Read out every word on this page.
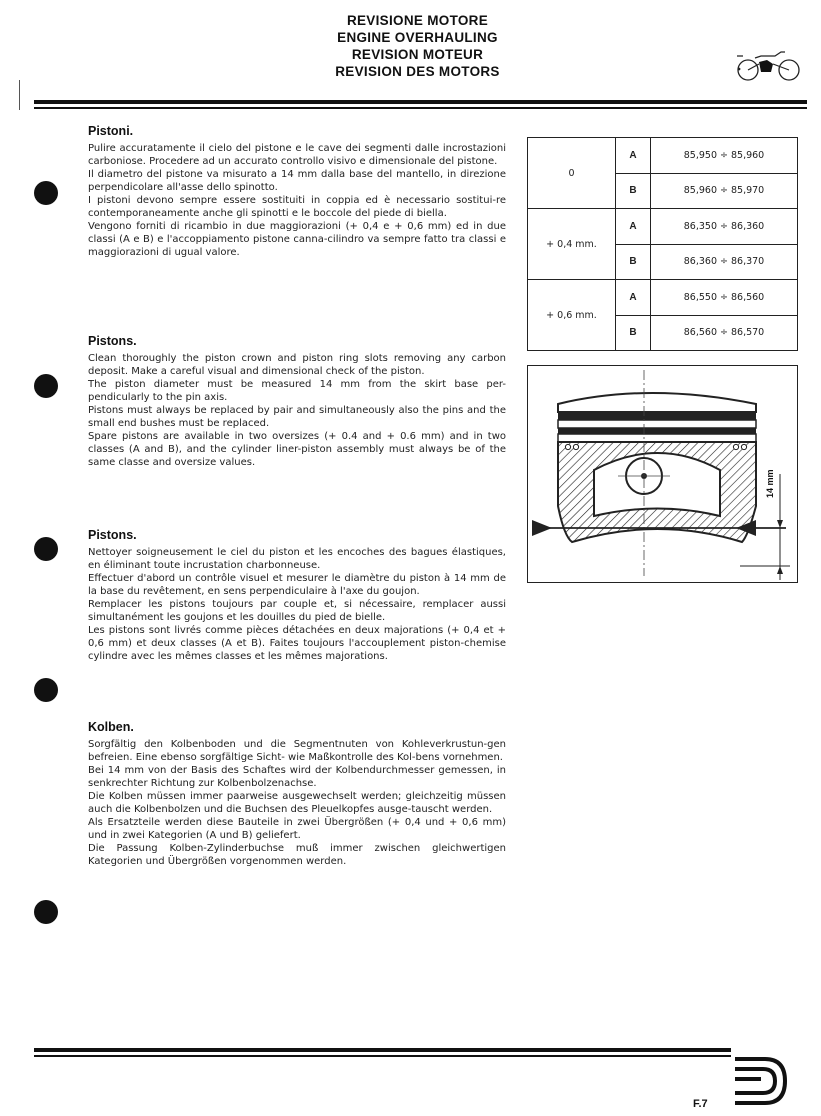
REVISIONE MOTORE
ENGINE OVERHAULING
REVISION MOTEUR
REVISION DES MOTORS
Pistoni.

Pulire accuratamente il cielo del pistone e le cave dei segmenti dalle incrostazioni carboniose. Procedere ad un accurato controllo visivo e dimensionale del pistone.
Il diametro del pistone va misurato a 14 mm dalla base del mantello, in direzione perpendicolare all'asse dello spinotto.
I pistoni devono sempre essere sostituiti in coppia ed è necessario sostitui-re contemporaneamente anche gli spinotti e le boccole del piede di biella.
Vengono forniti di ricambio in due maggiorazioni (+ 0,4 e + 0,6 mm) ed in due classi (A e B) e l'accoppiamento pistone canna-cilindro va sempre fatto tra classi e maggiorazioni di ugual valore.

Pistons.

Clean thoroughly the piston crown and piston ring slots removing any carbon deposit. Make a careful visual and dimensional check of the piston.
The piston diameter must be measured 14 mm from the skirt base per-pendicularly to the pin axis.
Pistons must always be replaced by pair and simultaneously also the pins and the small end bushes must be replaced.
Spare pistons are available in two oversizes (+ 0.4 and + 0.6 mm) and in two classes (A and B), and the cylinder liner-piston assembly must always be of the same classe and oversize values.

Pistons.

Nettoyer soigneusement le ciel du piston et les encoches des bagues élastiques, en éliminant toute incrustation charbonneuse.
Effectuer d'abord un contrôle visuel et mesurer le diamètre du piston à 14 mm de la base du revêtement, en sens perpendiculaire à l'axe du goujon.
Remplacer les pistons toujours par couple et, si nécessaire, remplacer aussi simultanément les goujons et les douilles du pied de bielle.
Les pistons sont livrés comme pièces détachées en deux majorations (+ 0,4 et + 0,6 mm) et deux classes (A et B). Faites toujours l'accouplement piston-chemise cylindre avec les mêmes classes et les mêmes majorations.

Kolben.

Sorgfältig den Kolbenboden und die Segmentnuten von Kohleverkrustun-gen befreien. Eine ebenso sorgfältige Sicht- wie Maßkontrolle des Kol-bens vornehmen.
Bei 14 mm von der Basis des Schaftes wird der Kolbendurchmesser gemessen, in senkrechter Richtung zur Kolbenbolzenachse.
Die Kolben müssen immer paarweise ausgewechselt werden; gleichzeitig müssen auch die Kolbenbolzen und die Buchsen des Pleuelkopfes ausge-tauscht werden.
Als Ersatzteile werden diese Bauteile in zwei Übergrößen (+ 0,4 und + 0,6 mm) und in zwei Kategorien (A und B) geliefert.
Die Passung Kolben-Zylinderbuchse muß immer zwischen gleichwertigen Kategorien und Übergrößen vorgenommen werden.

0	A	85,950 ÷ 85,960
	B	85,960 ÷ 85,970
+ 0,4 mm.	A	86,350 ÷ 86,360
	B	86,360 ÷ 86,370
+ 0,6 mm.	A	86,550 ÷ 86,560
	B	86,560 ÷ 86,570
14 mm
F.7
